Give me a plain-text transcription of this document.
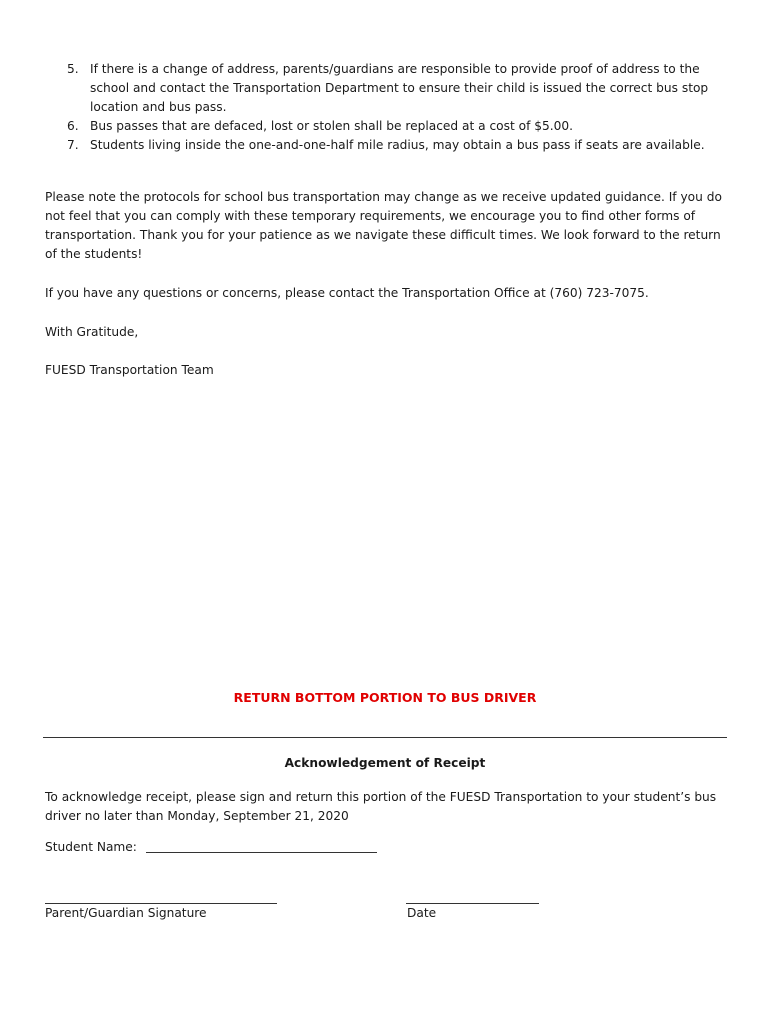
5. If there is a change of address, parents/guardians are responsible to provide proof of address to the school and contact the Transportation Department to ensure their child is issued the correct bus stop location and bus pass.
6. Bus passes that are defaced, lost or stolen shall be replaced at a cost of $5.00.
7. Students living inside the one-and-one-half mile radius, may obtain a bus pass if seats are available.

Please note the protocols for school bus transportation may change as we receive updated guidance. If you do not feel that you can comply with these temporary requirements, we encourage you to find other forms of transportation. Thank you for your patience as we navigate these difficult times. We look forward to the return of the students!

If you have any questions or concerns, please contact the Transportation Office at (760) 723-7075.

With Gratitude,

FUESD Transportation Team

RETURN BOTTOM PORTION TO BUS DRIVER
Acknowledgement of Receipt

To acknowledge receipt, please sign and return this portion of the FUESD Transportation to your student’s bus driver no later than Monday, September 21, 2020

Student Name:
Parent/Guardian Signature	Date
